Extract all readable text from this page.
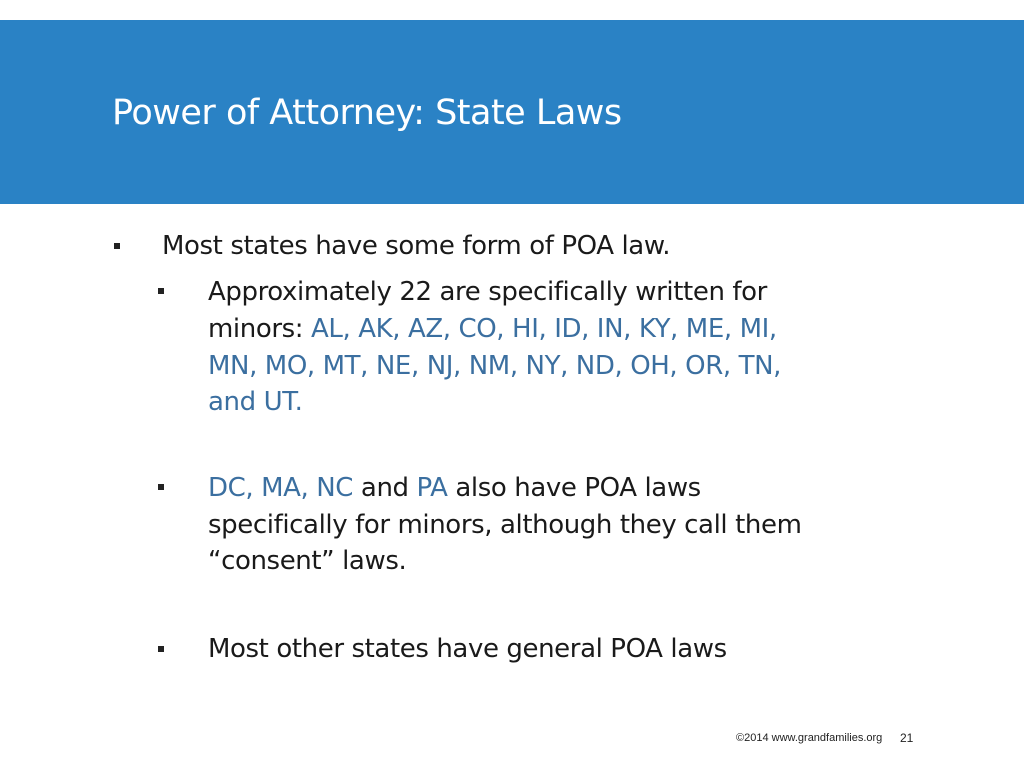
Power of Attorney: State Laws

Most states have some form of POA law.

Approximately 22 are specifically written for

minors: AL, AK, AZ, CO, HI, ID, IN, KY, ME, MI,

MN, MO, MT, NE, NJ, NM, NY, ND, OH, OR, TN,

and UT.

DC, MA, NC and PA also have POA laws

specifically for minors, although they call them

“consent” laws.

Most other states have general POA laws

©2014 www.grandfamilies.org 21
